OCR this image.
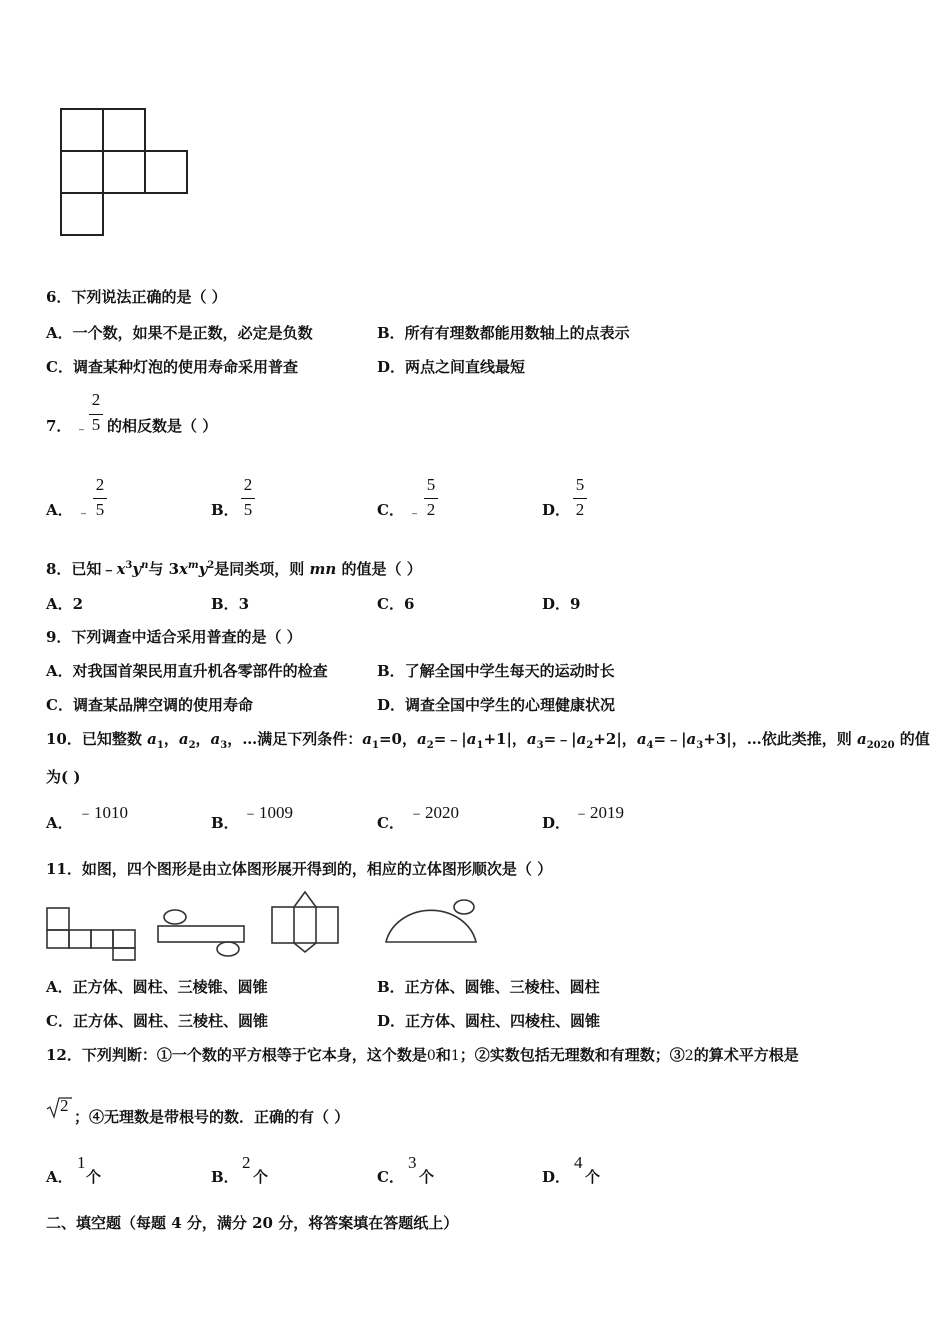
6．下列说法正确的是（ ）
A．一个数，如果不是正数，必定是负数	B．所有有理数都能用数轴上的点表示
C．调查某种灯泡的使用寿命采用普查	D．两点之间直线最短
7． ﹣
2
5 的相反数是（ ）
A． ﹣
2
5	B．
2
5	C． ﹣
5
2	D．
5
2
8．已知$﹣x^3y^n$与 $3x^my^2$是同类项，则 mn 的值是（ ）
A．2	B．3	C．6	D．9
9．下列调查中适合采用普查的是（ ）
A．对我国首架民用直升机各零部件的检查	B．了解全国中学生每天的运动时长
C．调查某品牌空调的使用寿命	D．调查全国中学生的心理健康状况
10．已知整数 $a_1$，$a_2$，$a_3$，…满足下列条件：$a_1=0$，$a_2=﹣|a_1+1|$，$a_3=﹣|a_2+2|$，$a_4=﹣|a_3+3|$，…依此类推，则 $a_{2020}$ 的值
为( )
A．
﹣1010
B．
﹣1009
C．
﹣2020
D．
﹣2019
11．如图，四个图形是由立体图形展开得到的，相应的立体图形顺次是（ ）
A．正方体、圆柱、三棱锥、圆锥	B．正方体、圆锥、三棱柱、圆柱
C．正方体、圆柱、三棱柱、圆锥	D．正方体、圆柱、四棱柱、圆锥
12．下列判断：①一个数的平方根等于它本身，这个数是0和1；②实数包括无理数和有理数；③2的算术平方根是
2
；④无理数是带根号的数．正确的有（ ）
A．
1
个	B．
2
个	C．
3
个	D．
4
个
二、填空题（每题 4 分，满分 20 分，将答案填在答题纸上）
